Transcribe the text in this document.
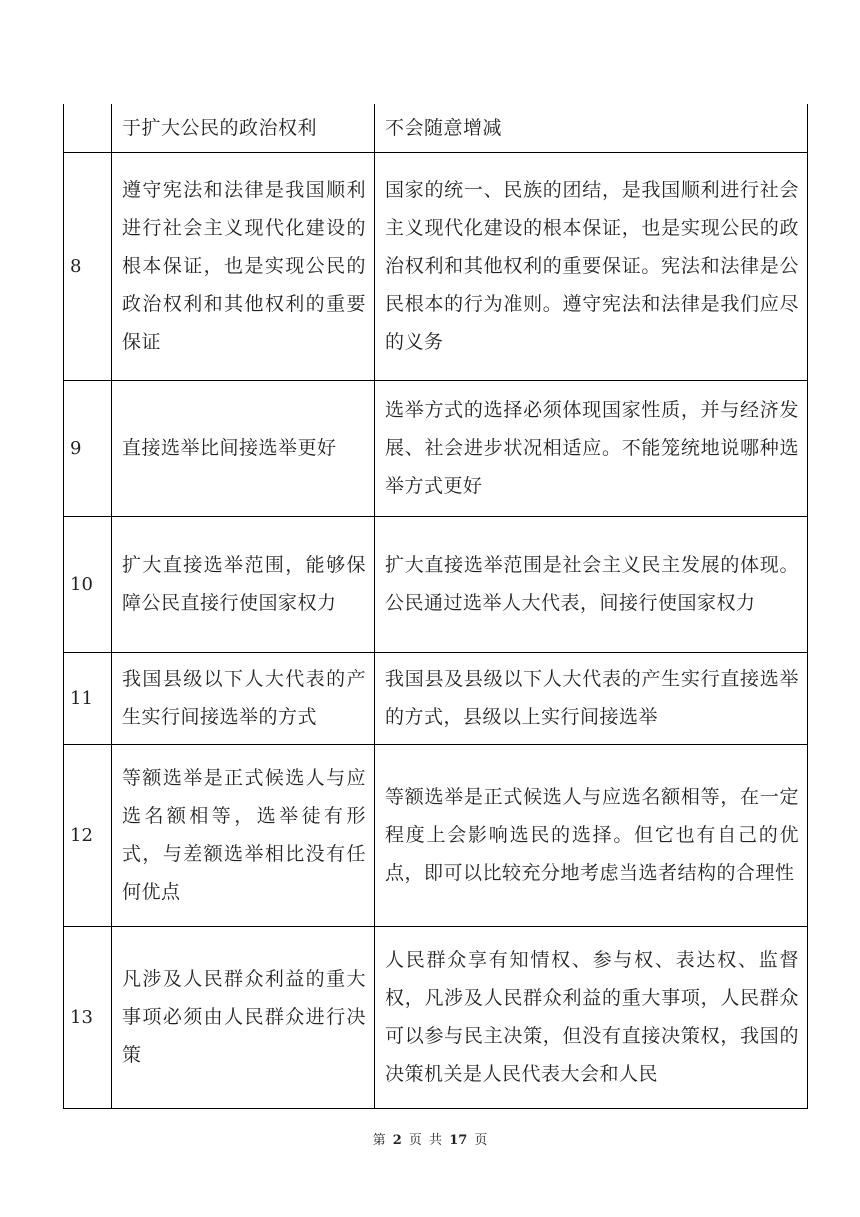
	于扩大公民的政治权利	不会随意增减

8	遵守宪法和法律是我国顺利进行社会主义现代化建设的根本保证，也是实现公民的政治权利和其他权利的重要保证	国家的统一、民族的团结，是我国顺利进行社会主义现代化建设的根本保证，也是实现公民的政治权利和其他权利的重要保证。宪法和法律是公民根本的行为准则。遵守宪法和法律是我们应尽的义务

9	直接选举比间接选举更好	选举方式的选择必须体现国家性质，并与经济发展、社会进步状况相适应。不能笼统地说哪种选举方式更好

10	扩大直接选举范围，能够保障公民直接行使国家权力	扩大直接选举范围是社会主义民主发展的体现。公民通过选举人大代表，间接行使国家权力

11	我国县级以下人大代表的产生实行间接选举的方式	我国县及县级以下人大代表的产生实行直接选举的方式，县级以上实行间接选举

12	等额选举是正式候选人与应选名额相等，选举徒有形式，与差额选举相比没有任何优点	等额选举是正式候选人与应选名额相等，在一定程度上会影响选民的选择。但它也有自己的优点，即可以比较充分地考虑当选者结构的合理性

13	凡涉及人民群众利益的重大事项必须由人民群众进行决策	人民群众享有知情权、参与权、表达权、监督权，凡涉及人民群众利益的重大事项，人民群众可以参与民主决策，但没有直接决策权，我国的决策机关是人民代表大会和人民
第 2 页 共 17 页
